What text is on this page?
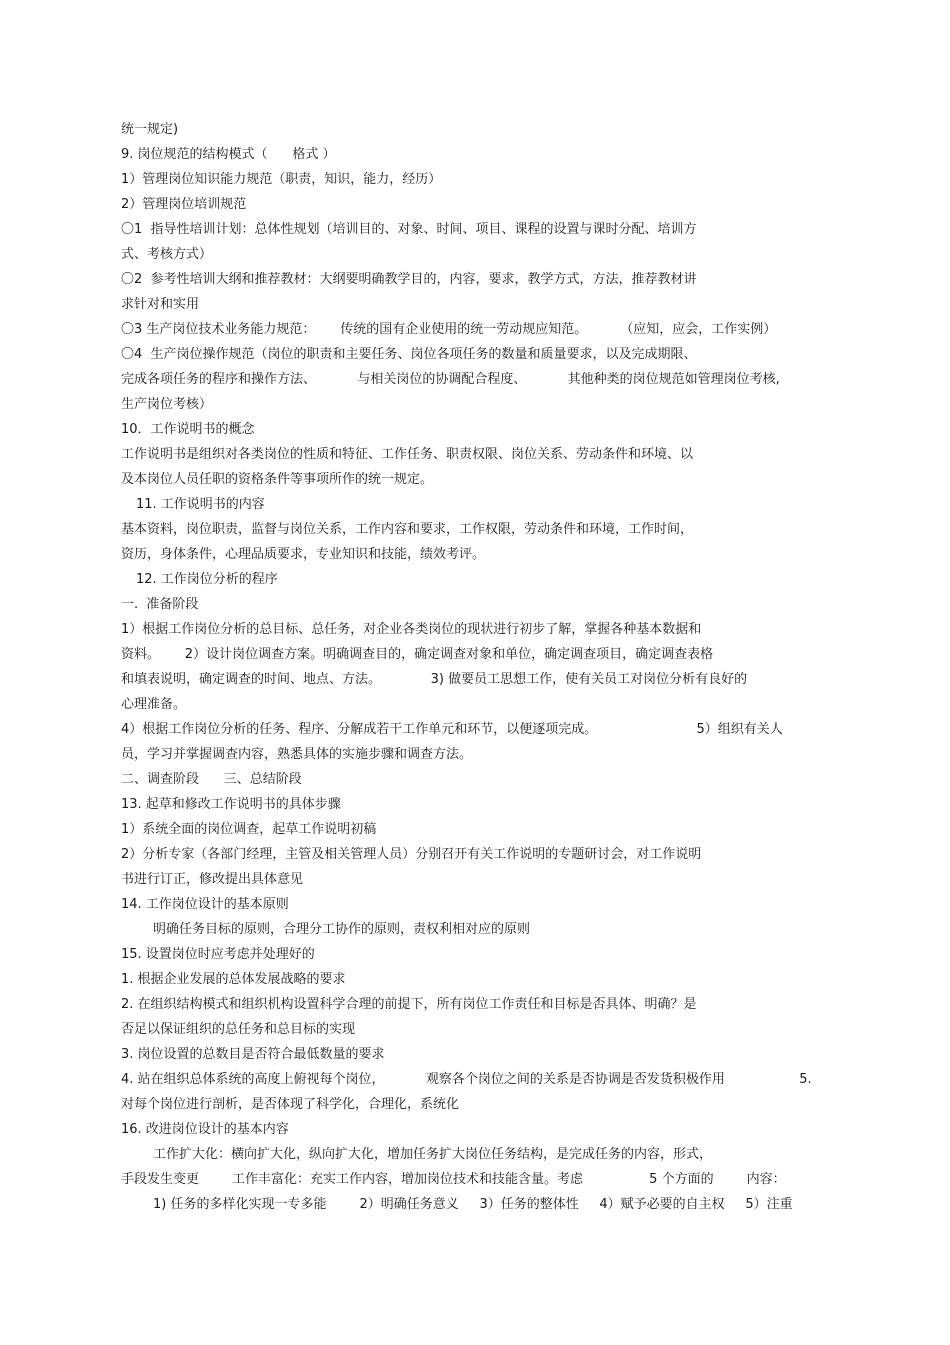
统一规定)
9. 岗位规范的结构模式（      格式 ）
1）管理岗位知识能力规范（职责，知识，能力，经历）
2）管理岗位培训规范
〇1  指导性培训计划：总体性规划（培训目的、对象、时间、项目、课程的设置与课时分配、培训方
式、考核方式）
〇2  参考性培训大纲和推荐教材：大纲要明确教学目的，内容，要求，教学方式，方法，推荐教材讲
求针对和实用
〇3 生产岗位技术业务能力规范：      传统的国有企业使用的统一劳动规应知范。        （应知，应会，工作实例）
〇4  生产岗位操作规范（岗位的职责和主要任务、岗位各项任务的数量和质量要求，以及完成期限、
完成各项任务的程序和操作方法、          与相关岗位的协调配合程度、          其他种类的岗位规范如管理岗位考核,
生产岗位考核）
10．工作说明书的概念
工作说明书是组织对各类岗位的性质和特征、工作任务、职责权限、岗位关系、劳动条件和环境、以
及本岗位人员任职的资格条件等事项所作的统一规定。
11. 工作说明书的内容
基本资料，岗位职责，监督与岗位关系，工作内容和要求，工作权限，劳动条件和环境，工作时间，
资历，身体条件，心理品质要求，专业知识和技能，绩效考评。
12. 工作岗位分析的程序
一.  准备阶段
1）根据工作岗位分析的总目标、总任务，对企业各类岗位的现状进行初步了解，掌握各种基本数据和
资料。      2）设计岗位调查方案。明确调查目的，确定调查对象和单位，确定调查项目，确定调查表格
和填表说明，确定调查的时间、地点、方法。            3) 做要员工思想工作，使有关员工对岗位分析有良好的
心理准备。
4）根据工作岗位分析的任务、程序、分解成若干工作单元和环节，以便逐项完成。                        5）组织有关人
员，学习并掌握调查内容，熟悉具体的实施步骤和调查方法。
二、调查阶段      三、总结阶段
13. 起草和修改工作说明书的具体步骤
1）系统全面的岗位调查，起草工作说明初稿
2）分析专家（各部门经理，主管及相关管理人员）分别召开有关工作说明的专题研讨会，对工作说明
书进行订正，修改提出具体意见
14. 工作岗位设计的基本原则
明确任务目标的原则，合理分工协作的原则，责权利相对应的原则
15. 设置岗位时应考虑并处理好的
1. 根据企业发展的总体发展战略的要求
2. 在组织结构模式和组织机构设置科学合理的前提下，所有岗位工作责任和目标是否具体、明确？是
否足以保证组织的总任务和总目标的实现
3. 岗位设置的总数目是否符合最低数量的要求
4. 站在组织总体系统的高度上俯视每个岗位，          观察各个岗位之间的关系是否协调是否发货积极作用                  5.
对每个岗位进行剖析，是否体现了科学化，合理化，系统化
16. 改进岗位设计的基本内容
工作扩大化：横向扩大化，纵向扩大化，增加任务扩大岗位任务结构，是完成任务的内容，形式，
手段发生变更        工作丰富化：充实工作内容，增加岗位技术和技能含量。考虑                5 个方面的        内容：
1) 任务的多样化实现一专多能        2）明确任务意义     3）任务的整体性     4）赋予必要的自主权     5）注重
